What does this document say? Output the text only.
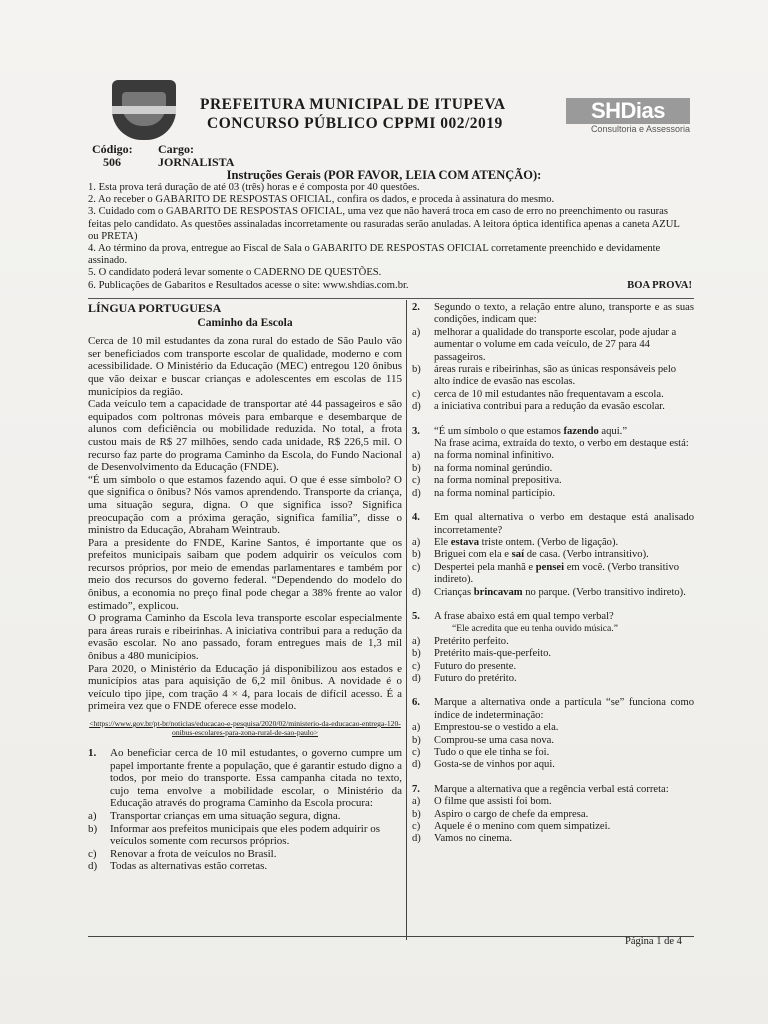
PREFEITURA MUNICIPAL DE ITUPEVA
CONCURSO PÚBLICO CPPMI 002/2019
SHDias
Consultoria e Assessoria
Código:
506
Cargo:
JORNALISTA
Instruções Gerais (POR FAVOR, LEIA COM ATENÇÃO):

1. Esta prova terá duração de até 03 (três) horas e é composta por 40 questões.

2. Ao receber o GABARITO DE RESPOSTAS OFICIAL, confira os dados, e proceda à assinatura do mesmo.

3. Cuidado com o GABARITO DE RESPOSTAS OFICIAL, uma vez que não haverá troca em caso de erro no preenchimento ou rasuras feitas pelo candidato. As questões assinaladas incorretamente ou rasuradas serão anuladas. A leitora óptica identifica apenas a caneta AZUL ou PRETA)

4. Ao término da prova, entregue ao Fiscal de Sala o GABARITO DE RESPOSTAS OFICIAL corretamente preenchido e devidamente assinado.

5. O candidato poderá levar somente o CADERNO DE QUESTÕES.

6. Publicações de Gabaritos e Resultados acesse o site: www.shdias.com.br.	BOA PROVA!

LÍNGUA PORTUGUESA

Caminho da Escola

Cerca de 10 mil estudantes da zona rural do estado de São Paulo vão ser beneficiados com transporte escolar de qualidade, moderno e com acessibilidade. O Ministério da Educação (MEC) entregou 120 ônibus que vão deixar e buscar crianças e adolescentes em escolas de 115 municípios da região.

Cada veículo tem a capacidade de transportar até 44 passageiros e são equipados com poltronas móveis para embarque e desembarque de alunos com deficiência ou mobilidade reduzida. No total, a frota custou mais de R$ 27 milhões, sendo cada unidade, R$ 226,5 mil. O recurso faz parte do programa Caminho da Escola, do Fundo Nacional de Desenvolvimento da Educação (FNDE).

“É um símbolo o que estamos fazendo aqui. O que é esse símbolo? O que significa o ônibus? Nós vamos aprendendo. Transporte da criança, uma situação segura, digna. O que significa isso? Significa preocupação com a próxima geração, significa família”, disse o ministro da Educação, Abraham Weintraub.

Para a presidente do FNDE, Karine Santos, é importante que os prefeitos municipais saibam que podem adquirir os veículos com recursos próprios, por meio de emendas parlamentares e também por meio dos recursos do governo federal. “Dependendo do modelo do ônibus, a economia no preço final pode chegar a 38% frente ao valor estimado”, explicou.

O programa Caminho da Escola leva transporte escolar especialmente para áreas rurais e ribeirinhas. A iniciativa contribui para a redução da evasão escolar. No ano passado, foram entregues mais de 1,3 mil ônibus a 480 municípios.

Para 2020, o Ministério da Educação já disponibilizou aos estados e municípios atas para aquisição de 6,2 mil ônibus. A novidade é o veículo tipo jipe, com tração 4 × 4, para locais de difícil acesso. É a primeira vez que o FNDE oferece esse modelo.

<https://www.gov.br/pt-br/noticias/educacao-e-pesquisa/2020/02/ministerio-da-educacao-entrega-120-onibus-escolares-para-zona-rural-de-sao-paulo>

1.	Ao beneficiar cerca de 10 mil estudantes, o governo cumpre um papel importante frente a população, que é garantir estudo digno a todos, por meio do transporte. Essa campanha citada no texto, cujo tema envolve a mobilidade escolar, o Ministério da Educação através do programa Caminho da Escola procura:
a)	Transportar crianças em uma situação segura, digna.
b)	Informar aos prefeitos municipais que eles podem adquirir os veículos somente com recursos próprios.
c)	Renovar a frota de veículos no Brasil.
d)	Todas as alternativas estão corretas.
2.	Segundo o texto, a relação entre aluno, transporte e as suas condições, indicam que:
a)	melhorar a qualidade do transporte escolar, pode ajudar a aumentar o volume em cada veículo, de 27 para 44 passageiros.
b)	áreas rurais e ribeirinhas, são as únicas responsáveis pelo alto índice de evasão nas escolas.
c)	cerca de 10 mil estudantes não frequentavam a escola.
d)	a iniciativa contribui para a redução da evasão escolar.
3.	“É um símbolo o que estamos fazendo aqui.”
Na frase acima, extraída do texto, o verbo em destaque está:
a)	na forma nominal infinitivo.
b)	na forma nominal gerúndio.
c)	na forma nominal prepositiva.
d)	na forma nominal particípio.
4.	Em qual alternativa o verbo em destaque está analisado incorretamente?
a)	Ele estava triste ontem. (Verbo de ligação).
b)	Briguei com ela e saí de casa. (Verbo intransitivo).
c)	Despertei pela manhã e pensei em você. (Verbo transitivo indireto).
d)	Crianças brincavam no parque. (Verbo transitivo indireto).
5.	A frase abaixo está em qual tempo verbal?
“Ele acredita que eu tenha ouvido música.”
a)	Pretérito perfeito.
b)	Pretérito mais-que-perfeito.
c)	Futuro do presente.
d)	Futuro do pretérito.
6.	Marque a alternativa onde a partícula “se” funciona como índice de indeterminação:
a)	Emprestou-se o vestido a ela.
b)	Comprou-se uma casa nova.
c)	Tudo o que ele tinha se foi.
d)	Gosta-se de vinhos por aqui.
7.	Marque a alternativa que a regência verbal está correta:
a)	O filme que assisti foi bom.
b)	Aspiro o cargo de chefe da empresa.
c)	Aquele é o menino com quem simpatizei.
d)	Vamos no cinema.
Página 1 de 4
